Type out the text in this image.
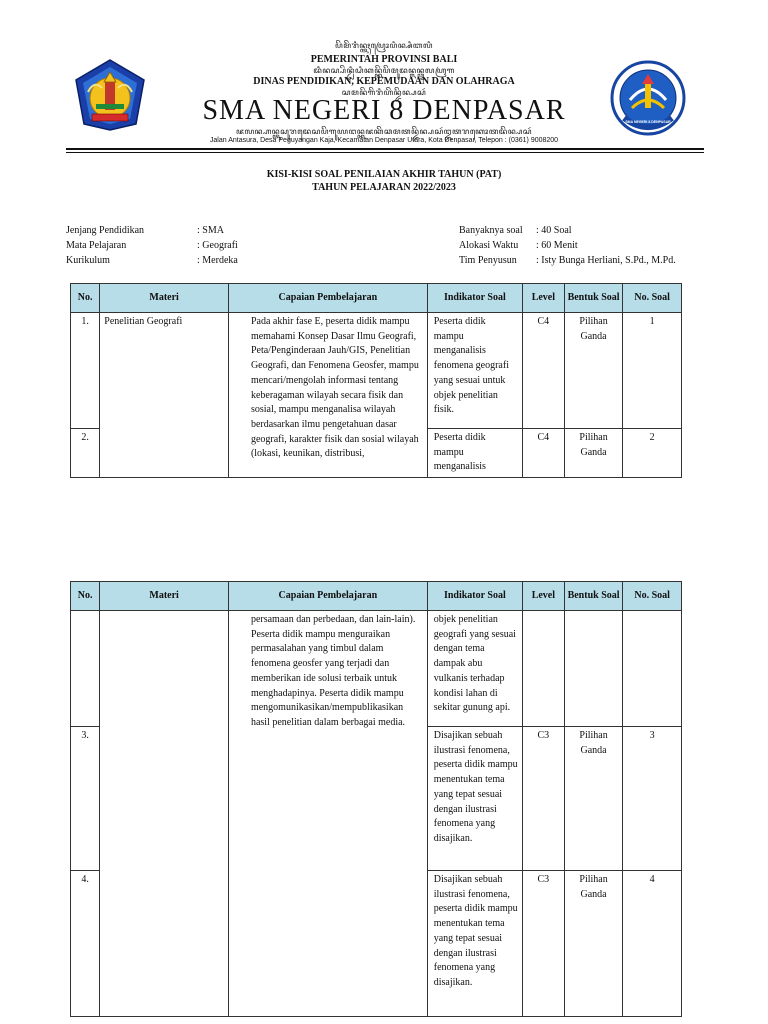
ꦥꦼꦩꦼꦫꦶꦤ꧀ꦠꦃꦥꦿꦺꦴꦥꦶꦤ꧀ꦱꦶꦧꦭꦶ
PEMERINTAH PROVINSI BALI
ꦢꦶꦤꦱ꧀ꦥꦼꦤ꧀ꦝꦶꦝꦶꦏꦤ꧀ꦏꦼꦥꦼꦩꦸꦢꦤ꧀ꦭꦤ꧀ꦎꦭꦲꦿꦒ
DINAS PENDIDIKAN, KEPEMUDAAN DAN OLAHRAGA
ꦱꦩꦤꦼꦒꦼꦫꦶꦲꦼꦤ꧀ꦢꦼꦤ꧀ꦥꦱꦂ
SMA NEGERI 8 DENPASAR
ꦗꦭꦤ꧀ꦲꦤ꧀ꦠꦱꦸꦫꦢꦺꦱꦥꦼꦒꦸꦪꦔꦤ꧀ꦏꦗꦏꦼꦕꦩꦠꦤ꧀ꦢꦼꦤ꧀ꦥꦱꦂꦈꦠꦫꦏꦺꦴꦠꦢꦼꦤ꧀ꦥꦱꦂ
Jalan Antasura, Desa Peguyangan Kaja, Kecamatan Denpasar Utara, Kota Denpasar, Telepon : (0361) 9008200
SMA NEGERI 8 DENPASAR
KISI-KISI SOAL PENILAIAN AKHIR TAHUN (PAT)
TAHUN PELAJARAN 2022/2023
Jenjang Pendidikan	: SMA
Mata Pelajaran	: Geografi
Kurikulum	: Merdeka
Banyaknya soal : 40 Soal
Alokasi Waktu : 60 Menit
Tim Penyusun : Isty Bunga Herliani, S.Pd., M.Pd.
No.	Materi	Capaian Pembelajaran	Indikator Soal	Level	Bentuk Soal	No. Soal
1.	Penelitian Geografi	Pada akhir fase E, peserta didik mampu memahami Konsep Dasar Ilmu Geografi, Peta/Penginderaan Jauh/GIS, Penelitian Geografi, dan Fenomena Geosfer, mampu mencari/mengolah informasi tentang keberagaman wilayah secara fisik dan sosial, mampu menganalisa wilayah berdasarkan ilmu pengetahuan dasar geografi, karakter fisik dan sosial wilayah (lokasi, keunikan, distribusi,	Peserta didik mampu menganalisis fenomena geografi yang sesuai untuk objek penelitian fisik.	C4	Pilihan Ganda	1
2.			Peserta didik mampu menganalisis	C4	Pilihan Ganda	2
No.	Materi	Capaian Pembelajaran	Indikator Soal	Level	Bentuk Soal	No. Soal
		persamaan dan perbedaan, dan lain-lain). Peserta didik mampu menguraikan permasalahan yang timbul dalam fenomena geosfer yang terjadi dan memberikan ide solusi terbaik untuk menghadapinya. Peserta didik mampu mengomunikasikan/mempublikasikan hasil penelitian dalam berbagai media.	objek penelitian geografi yang sesuai dengan tema dampak abu vulkanis terhadap kondisi lahan di sekitar gunung api.			
3.			Disajikan sebuah ilustrasi fenomena, peserta didik mampu menentukan tema yang tepat sesuai dengan ilustrasi fenomena yang disajikan.	C3	Pilihan Ganda	3
4.			Disajikan sebuah ilustrasi fenomena, peserta didik mampu menentukan tema yang tepat sesuai dengan ilustrasi fenomena yang disajikan.	C3	Pilihan Ganda	4
